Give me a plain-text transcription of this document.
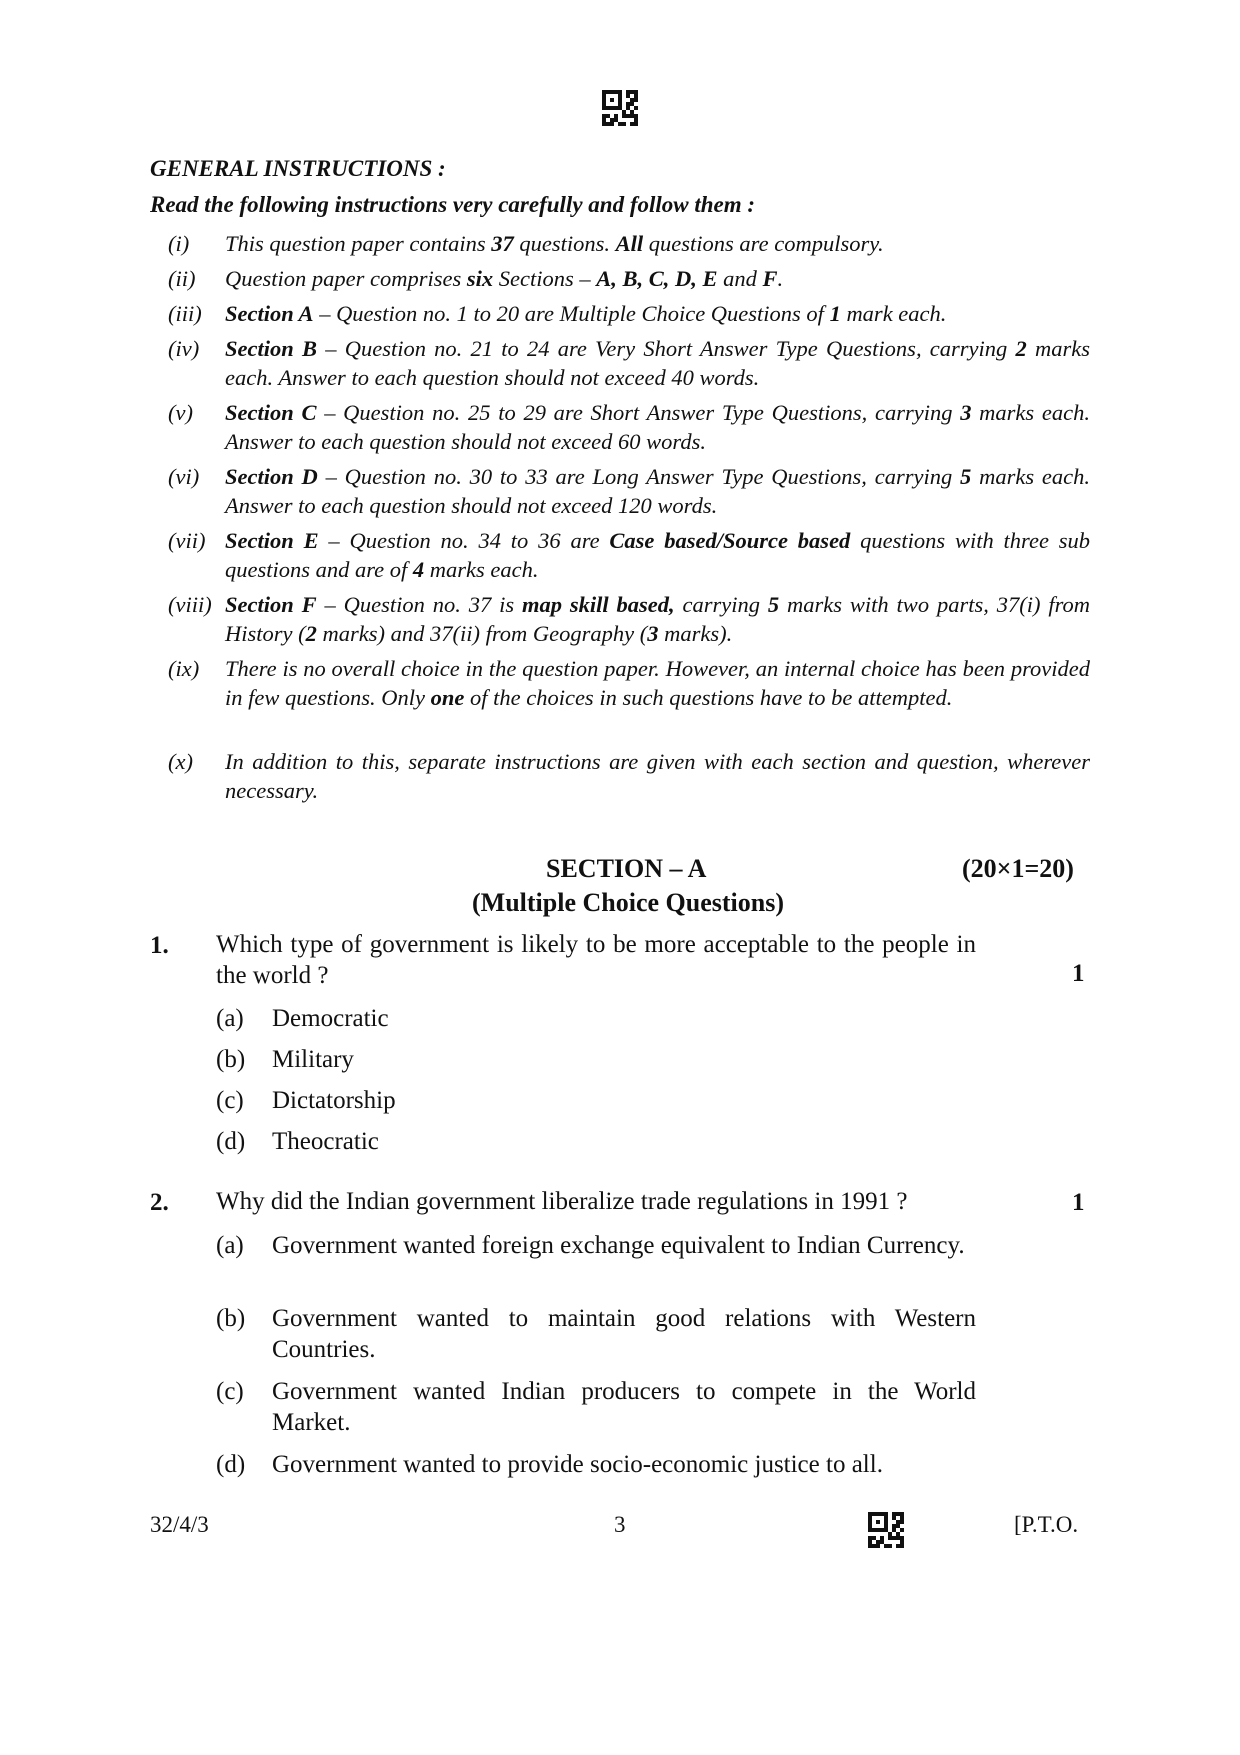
GENERAL INSTRUCTIONS :
Read the following instructions very carefully and follow them :
(i) This question paper contains 37 questions. All questions are compulsory.
(ii) Question paper comprises six Sections – A, B, C, D, E and F.
(iii) Section A – Question no. 1 to 20 are Multiple Choice Questions of 1 mark each.
(iv) Section B – Question no. 21 to 24 are Very Short Answer Type Questions, carrying 2 marks each. Answer to each question should not exceed 40 words.
(v) Section C – Question no. 25 to 29 are Short Answer Type Questions, carrying 3 marks each. Answer to each question should not exceed 60 words.
(vi) Section D – Question no. 30 to 33 are Long Answer Type Questions, carrying 5 marks each. Answer to each question should not exceed 120 words.
(vii) Section E – Question no. 34 to 36 are Case based/Source based questions with three sub questions and are of 4 marks each.
(viii) Section F – Question no. 37 is map skill based, carrying 5 marks with two parts, 37(i) from History (2 marks) and 37(ii) from Geography (3 marks).
(ix) There is no overall choice in the question paper. However, an internal choice has been provided in few questions. Only one of the choices in such questions have to be attempted.
(x) In addition to this, separate instructions are given with each section and question, wherever necessary.
SECTION – A	(20×1=20)
(Multiple Choice Questions)
1. Which type of government is likely to be more acceptable to the people in the world ?	1
(a) Democratic
(b) Military
(c) Dictatorship
(d) Theocratic
2. Why did the Indian government liberalize trade regulations in 1991 ?	1
(a) Government wanted foreign exchange equivalent to Indian Currency.
(b) Government wanted to maintain good relations with Western Countries.
(c) Government wanted Indian producers to compete in the World Market.
(d) Government wanted to provide socio-economic justice to all.
32/4/3	3	[P.T.O.
